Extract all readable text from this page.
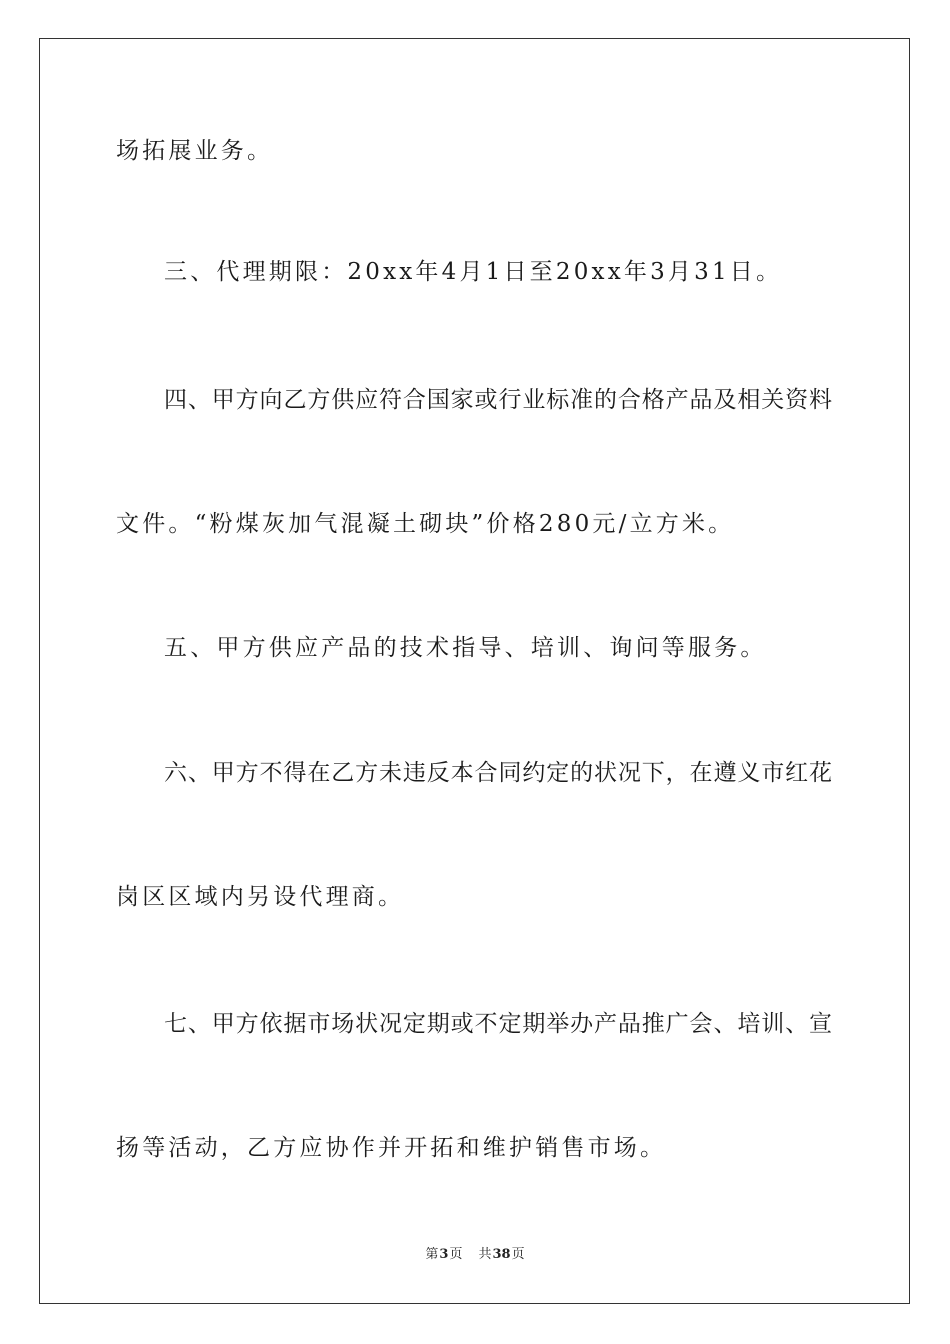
场拓展业务。
三、代理期限：20xx年4月1日至20xx年3月31日。
四、甲方向乙方供应符合国家或行业标准的合格产品及相关资料
文件。“粉煤灰加气混凝土砌块”价格280元/立方米。
五、甲方供应产品的技术指导、培训、询问等服务。
六、甲方不得在乙方未违反本合同约定的状况下，在遵义市红花
岗区区域内另设代理商。
七、甲方依据市场状况定期或不定期举办产品推广会、培训、宣
扬等活动，乙方应协作并开拓和维护销售市场。
第3页 共38页
